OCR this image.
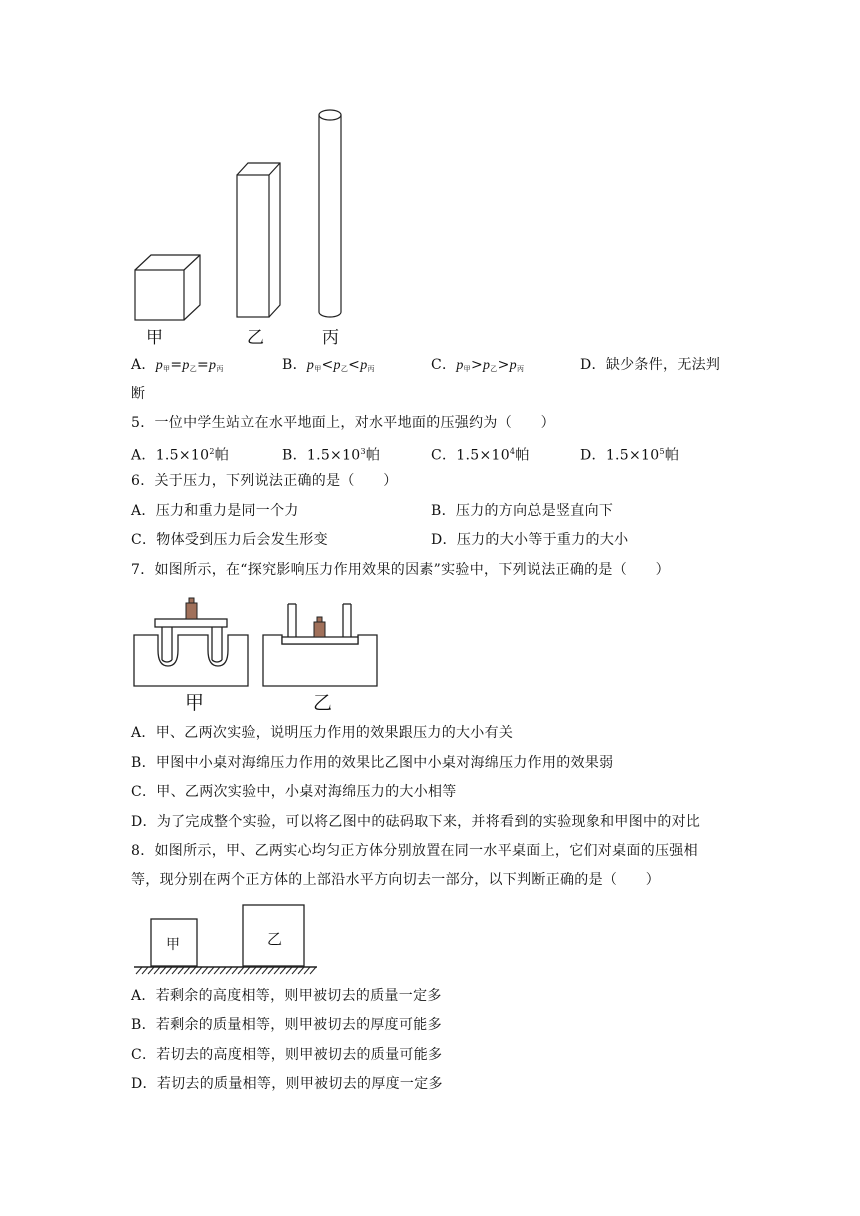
甲	乙	丙
A．$p_甲=p_乙=p_丙$	B．$p_甲<p_乙<p_丙$	C．$p_甲>p_乙>p_丙$	D．缺少条件，无法判
断
5．一位中学生站立在水平地面上，对水平地面的压强约为（　　）
A．$1.5\times 10^2$帕	B．$1.5\times 10^3$帕	C．$1.5\times 10^4$帕	D．$1.5\times 10^5$帕
6．关于压力，下列说法正确的是（　　）
A．压力和重力是同一个力	B．压力的方向总是竖直向下
C．物体受到压力后会发生形变	D．压力的大小等于重力的大小
7．如图所示，在“探究影响压力作用效果的因素”实验中，下列说法正确的是（　　）
甲	乙
A．甲、乙两次实验，说明压力作用的效果跟压力的大小有关
B．甲图中小桌对海绵压力作用的效果比乙图中小桌对海绵压力作用的效果弱
C．甲、乙两次实验中，小桌对海绵压力的大小相等
D．为了完成整个实验，可以将乙图中的砝码取下来，并将看到的实验现象和甲图中的对比
8．如图所示，甲、乙两实心均匀正方体分别放置在同一水平桌面上，它们对桌面的压强相
等，现分别在两个正方体的上部沿水平方向切去一部分，以下判断正确的是（　　）
甲	乙
A．若剩余的高度相等，则甲被切去的质量一定多
B．若剩余的质量相等，则甲被切去的厚度可能多
C．若切去的高度相等，则甲被切去的质量可能多
D．若切去的质量相等，则甲被切去的厚度一定多
